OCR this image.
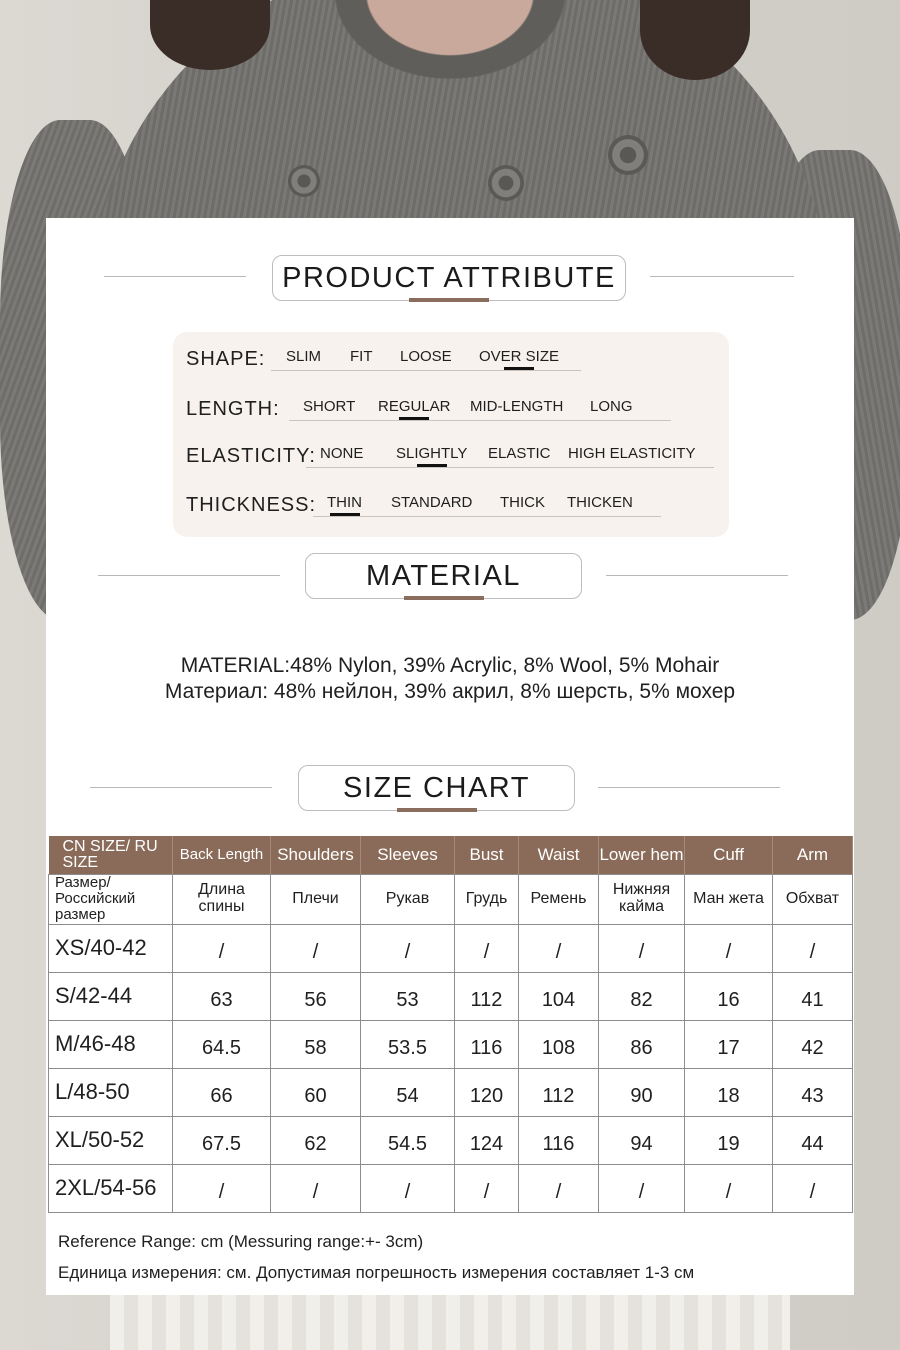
PRODUCT ATTRIBUTE
SHAPE: SLIM FIT LOOSE OVER SIZE
LENGTH: SHORT REGULAR MID-LENGTH LONG
ELASTICITY: NONE SLIGHTLY ELASTIC HIGH ELASTICITY
THICKNESS: THIN STANDARD THICK THICKEN
MATERIAL
MATERIAL:48% Nylon, 39% Acrylic, 8% Wool, 5% Mohair
Материал: 48% нейлон, 39% акрил, 8% шерсть, 5% мохер
SIZE CHART
CN SIZE/ RU SIZE	Back Length	Shoulders	Sleeves	Bust	Waist	Lower hem	Cuff	Arm
Размер/ Российский размер	Длина спины	Плечи	Рукав	Грудь	Ремень	Нижняя кайма	Ман жета	Обхват
XS/40-42	/	/	/	/	/	/	/	/
S/42-44	63	56	53	112	104	82	16	41
M/46-48	64.5	58	53.5	116	108	86	17	42
L/48-50	66	60	54	120	112	90	18	43
XL/50-52	67.5	62	54.5	124	116	94	19	44
2XL/54-56	/	/	/	/	/	/	/	/
Reference Range: cm (Messuring range:+- 3cm)
Единица измерения: см. Допустимая погрешность измерения составляет 1-3 см
